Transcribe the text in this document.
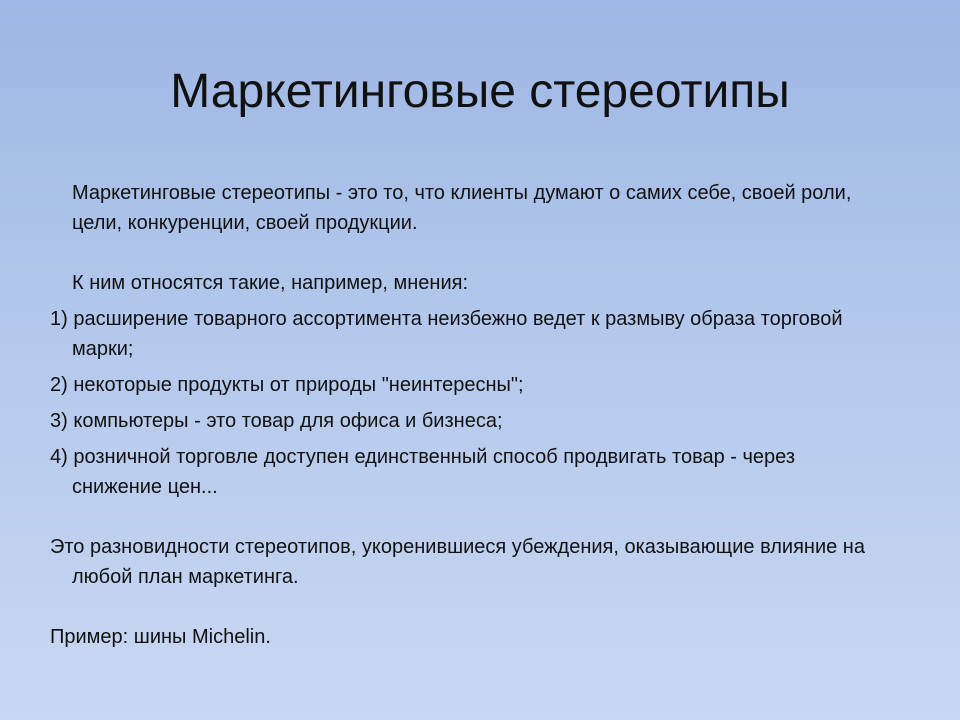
Маркетинговые стереотипы

Маркетинговые стереотипы - это то, что клиенты думают о самих себе, своей роли, цели, конкуренции, своей продукции.

К ним относятся такие, например, мнения:

1) расширение товарного ассортимента неизбежно ведет к размыву образа торговой марки;

2) некоторые продукты от природы "неинтересны";

3) компьютеры - это товар для офиса и бизнеса;

4) розничной торговле доступен единственный способ продвигать товар - через снижение цен...

Это разновидности стереотипов, укоренившиеся убеждения, оказывающие влияние на любой план маркетинга.

Пример: шины Michelin.
